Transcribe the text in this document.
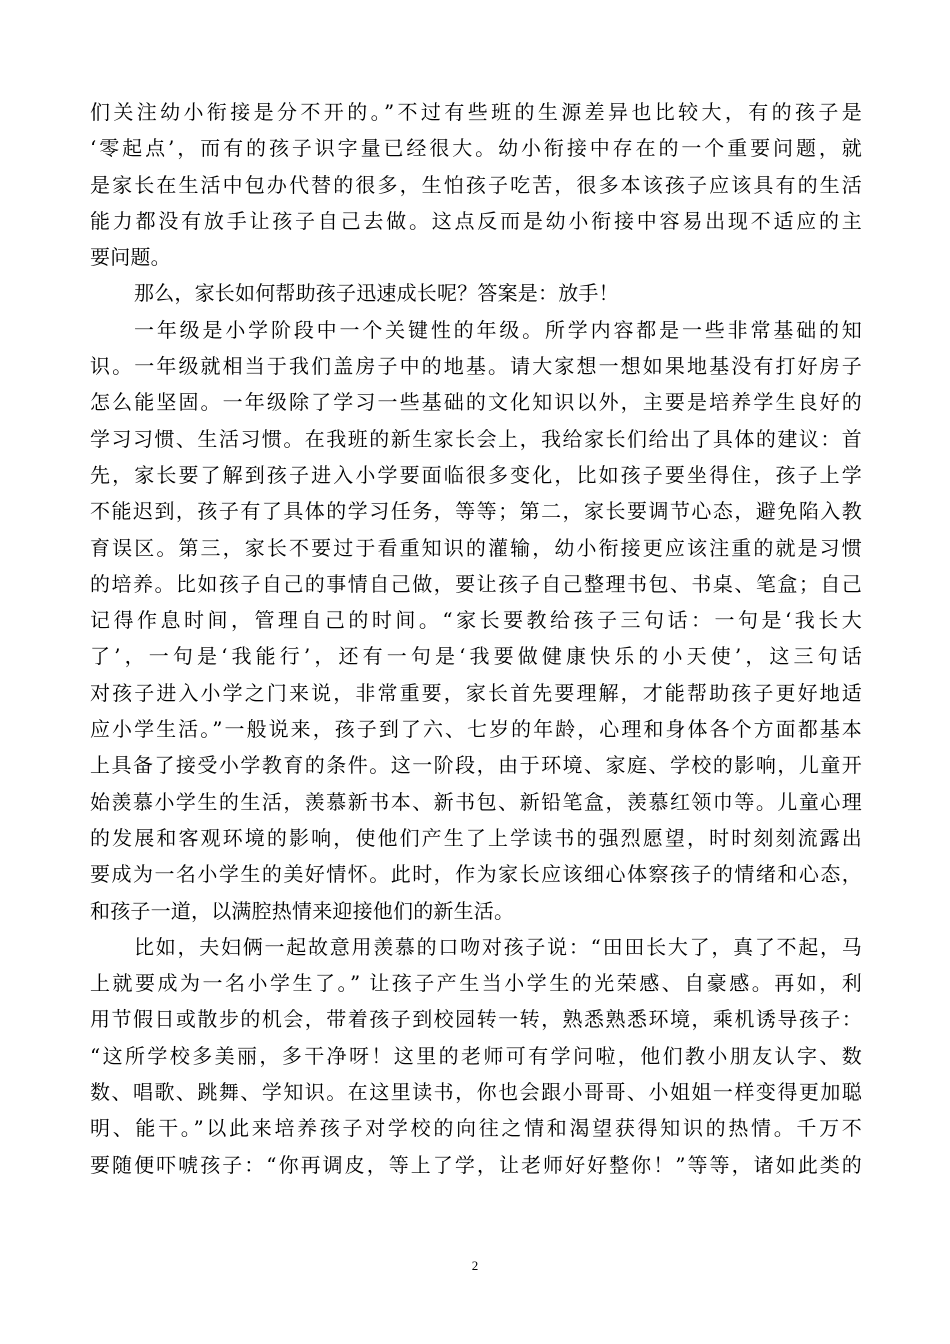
们关注幼小衔接是分不开的。”不过有些班的生源差异也比较大，有的孩子是
‘零起点’，而有的孩子识字量已经很大。幼小衔接中存在的一个重要问题，就
是家长在生活中包办代替的很多，生怕孩子吃苦，很多本该孩子应该具有的生活
能力都没有放手让孩子自己去做。这点反而是幼小衔接中容易出现不适应的主
要问题。
那么，家长如何帮助孩子迅速成长呢？答案是：放手！
一年级是小学阶段中一个关键性的年级。所学内容都是一些非常基础的知
识。一年级就相当于我们盖房子中的地基。请大家想一想如果地基没有打好房子
怎么能坚固。一年级除了学习一些基础的文化知识以外，主要是培养学生良好的
学习习惯、生活习惯。在我班的新生家长会上，我给家长们给出了具体的建议：首
先，家长要了解到孩子进入小学要面临很多变化，比如孩子要坐得住，孩子上学
不能迟到，孩子有了具体的学习任务，等等；第二，家长要调节心态，避免陷入教
育误区。第三，家长不要过于看重知识的灌输，幼小衔接更应该注重的就是习惯
的培养。比如孩子自己的事情自己做，要让孩子自己整理书包、书桌、笔盒；自己
记得作息时间，管理自己的时间。“家长要教给孩子三句话：一句是‘我长大
了’，一句是‘我能行’，还有一句是‘我要做健康快乐的小天使’，这三句话
对孩子进入小学之门来说，非常重要，家长首先要理解，才能帮助孩子更好地适
应小学生活。”一般说来，孩子到了六、七岁的年龄，心理和身体各个方面都基本
上具备了接受小学教育的条件。这一阶段，由于环境、家庭、学校的影响，儿童开
始羡慕小学生的生活，羡慕新书本、新书包、新铅笔盒，羡慕红领巾等。儿童心理
的发展和客观环境的影响，使他们产生了上学读书的强烈愿望，时时刻刻流露出
要成为一名小学生的美好情怀。此时，作为家长应该细心体察孩子的情绪和心态，
和孩子一道，以满腔热情来迎接他们的新生活。
比如，夫妇俩一起故意用羡慕的口吻对孩子说：“田田长大了，真了不起，马
上就要成为一名小学生了。” 让孩子产生当小学生的光荣感、自豪感。再如，利
用节假日或散步的机会，带着孩子到校园转一转，熟悉熟悉环境，乘机诱导孩子：
“这所学校多美丽，多干净呀！这里的老师可有学问啦，他们教小朋友认字、数
数、唱歌、跳舞、学知识。在这里读书，你也会跟小哥哥、小姐姐一样变得更加聪
明、能干。”以此来培养孩子对学校的向往之情和渴望获得知识的热情。千万不
要随便吓唬孩子：“你再调皮，等上了学，让老师好好整你！”等等，诸如此类的
2
